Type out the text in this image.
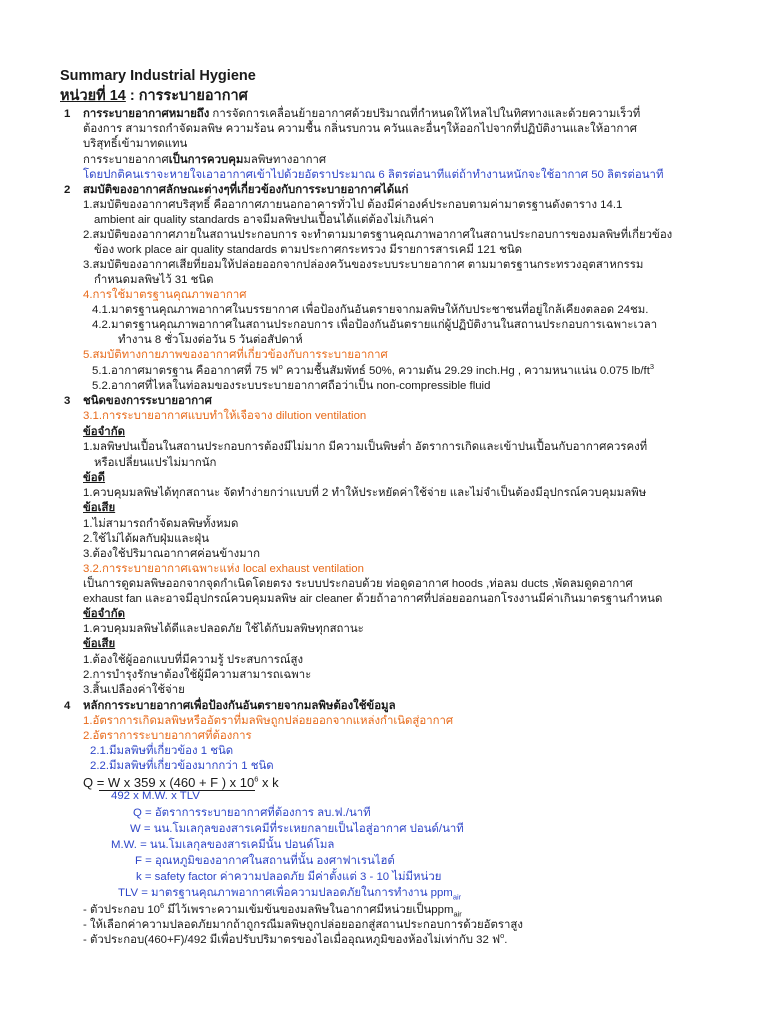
Summary Industrial Hygiene
หน่วยที่ 14 : การระบายอากาศ
1 การระบายอากาศหมายถึง การจัดการเคลื่อนย้ายอากาศด้วยปริมาณที่กำหนดให้ไหลไปในทิศทางและด้วยความเร็วที่
ต้องการ สามารถกำจัดมลพิษ ความร้อน ความชื้น กลิ่นรบกวน ควันและอื่นๆให้ออกไปจากที่ปฏิบัติงานและให้อากาศ
บริสุทธิ์เข้ามาทดแทน
การระบายอากาศเป็นการควบคุมมลพิษทางอากาศ
โดยปกติคนเราจะหายใจเอาอากาศเข้าไปด้วยอัตราประมาณ 6 ลิตรต่อนาทีแต่ถ้าทำงานหนักจะใช้อากาศ 50 ลิตรต่อนาที
2 สมบัติของอากาศลักษณะต่างๆที่เกี่ยวข้องกับการระบายอากาศได้แก่
1.สมบัติของอากาศบริสุทธิ์ คืออากาศภายนอกอาคารทั่วไป ต้องมีค่าองค์ประกอบตามค่ามาตรฐานดังตาราง 14.1
ambient air quality standards อาจมีมลพิษปนเปื้อนได้แต่ต้องไม่เกินค่า
2.สมบัติของอากาศภายในสถานประกอบการ จะทำตามมาตรฐานคุณภาพอากาศในสถานประกอบการของมลพิษที่เกี่ยวข้อง
ข้อง work place air quality standards ตามประกาศกระทรวง มีรายการสารเคมี 121 ชนิด
3.สมบัติของอากาศเสียที่ยอมให้ปล่อยออกจากปล่องควันของระบบระบายอากาศ ตามมาตรฐานกระทรวงอุตสาหกรรม
กำหนดมลพิษไว้ 31 ชนิด
4.การใช้มาตรฐานคุณภาพอากาศ
4.1.มาตรฐานคุณภาพอากาศในบรรยากาศ เพื่อป้องกันอันตรายจากมลพิษให้กับประชาชนที่อยู่ใกล้เคียงตลอด 24ชม.
4.2.มาตรฐานคุณภาพอากาศในสถานประกอบการ เพื่อป้องกันอันตรายแก่ผู้ปฏิบัติงานในสถานประกอบการเฉพาะเวลา
ทำงาน 8 ชั่วโมงต่อวัน 5 วันต่อสัปดาห์
5.สมบัติทางกายภาพของอากาศที่เกี่ยวข้องกับการระบายอากาศ
5.1.อากาศมาตรฐาน คืออากาศที่ 75 ฟ$^o$ ความชื้นสัมพัทธ์ 50%, ความดัน 29.29 inch.Hg , ความหนาแน่น 0.075 $lb/ft^3$
5.2.อากาศที่ไหลในท่อลมของระบบระบายอากาศถือว่าเป็น non-compressible fluid
3 ชนิดของการระบายอากาศ
3.1.การระบายอากาศแบบทำให้เจือจาง dilution ventilation
ข้อจำกัด
1.มลพิษปนเปื้อนในสถานประกอบการต้องมีไม่มาก มีความเป็นพิษต่ำ อัตราการเกิดและเข้าปนเปื้อนกับอากาศควรคงที่
หรือเปลี่ยนแปรไม่มากนัก
ข้อดี
1.ควบคุมมลพิษได้ทุกสถานะ จัดทำง่ายกว่าแบบที่ 2 ทำให้ประหยัดค่าใช้จ่าย และไม่จำเป็นต้องมีอุปกรณ์ควบคุมมลพิษ
ข้อเสีย
1.ไม่สามารถกำจัดมลพิษทั้งหมด
2.ใช้ไม่ได้ผลกับฝุ่มและฝุ่น
3.ต้องใช้ปริมาณอากาศค่อนข้างมาก
3.2.การระบายอากาศเฉพาะแห่ง local exhaust ventilation
เป็นการดูดมลพิษออกจากจุดกำเนิดโดยตรง ระบบประกอบด้วย ท่อดูดอากาศ hoods ,ท่อลม ducts ,พัดลมดูดอากาศ
exhaust fan และอาจมีอุปกรณ์ควบคุมมลพิษ air cleaner ด้วยถ้าอากาศที่ปล่อยออกนอกโรงงานมีค่าเกินมาตรฐานกำหนด
ข้อจำกัด
1.ควบคุมมลพิษได้ดีและปลอดภัย ใช้ได้กับมลพิษทุกสถานะ
ข้อเสีย
1.ต้องใช้ผู้ออกแบบที่มีความรู้ ประสบการณ์สูง
2.การบำรุงรักษาต้องใช้ผู้มีความสามารถเฉพาะ
3.สิ้นเปลืองค่าใช้จ่าย
4 หลักการระบายอากาศเพื่อป้องกันอันตรายจากมลพิษต้องใช้ข้อมูล
1.อัตราการเกิดมลพิษหรืออัตราที่มลพิษถูกปล่อยออกจากแหล่งกำเนิดสู่อากาศ
2.อัตราการระบายอากาศที่ต้องการ
2.1.มีมลพิษที่เกี่ยวข้อง 1 ชนิด
2.2.มีมลพิษที่เกี่ยวข้องมากกว่า 1 ชนิด
Q = W x 359 x (460 + F ) x $10^6$ x k
492 x M.W. x TLV
Q = อัตราการระบายอากาศที่ต้องการ ลบ.ฟ./นาที
W = นน.โมเลกุลของสารเคมีที่ระเหยกลายเป็นไอสู่อากาศ ปอนด์/นาที
M.W. = นน.โมเลกุลของสารเคมีนั้น ปอนด์โมล
F = อุณหภูมิของอากาศในสถานที่นั้น องศาฟาเรนไฮต์
k = safety factor ค่าความปลอดภัย มีค่าตั้งแต่ 3 - 10 ไม่มีหน่วย
TLV = มาตรฐานคุณภาพอากาศเพื่อความปลอดภัยในการทำงาน ppm$_{air}$
- ตัวประกอบ $10^6$ มีไว้เพราะความเข้มข้นของมลพิษในอากาศมีหน่วยเป็นppm$_{air}$
- ให้เลือกค่าความปลอดภัยมากถ้าถูกรณีมลพิษถูกปล่อยออกสู่สถานประกอบการด้วยอัตราสูง
- ตัวประกอบ(460+F)/492 มีเพื่อปรับปริมาตรของไอเมื่ออุณหภูมิของห้องไม่เท่ากับ 32 ฟ$^o$.
